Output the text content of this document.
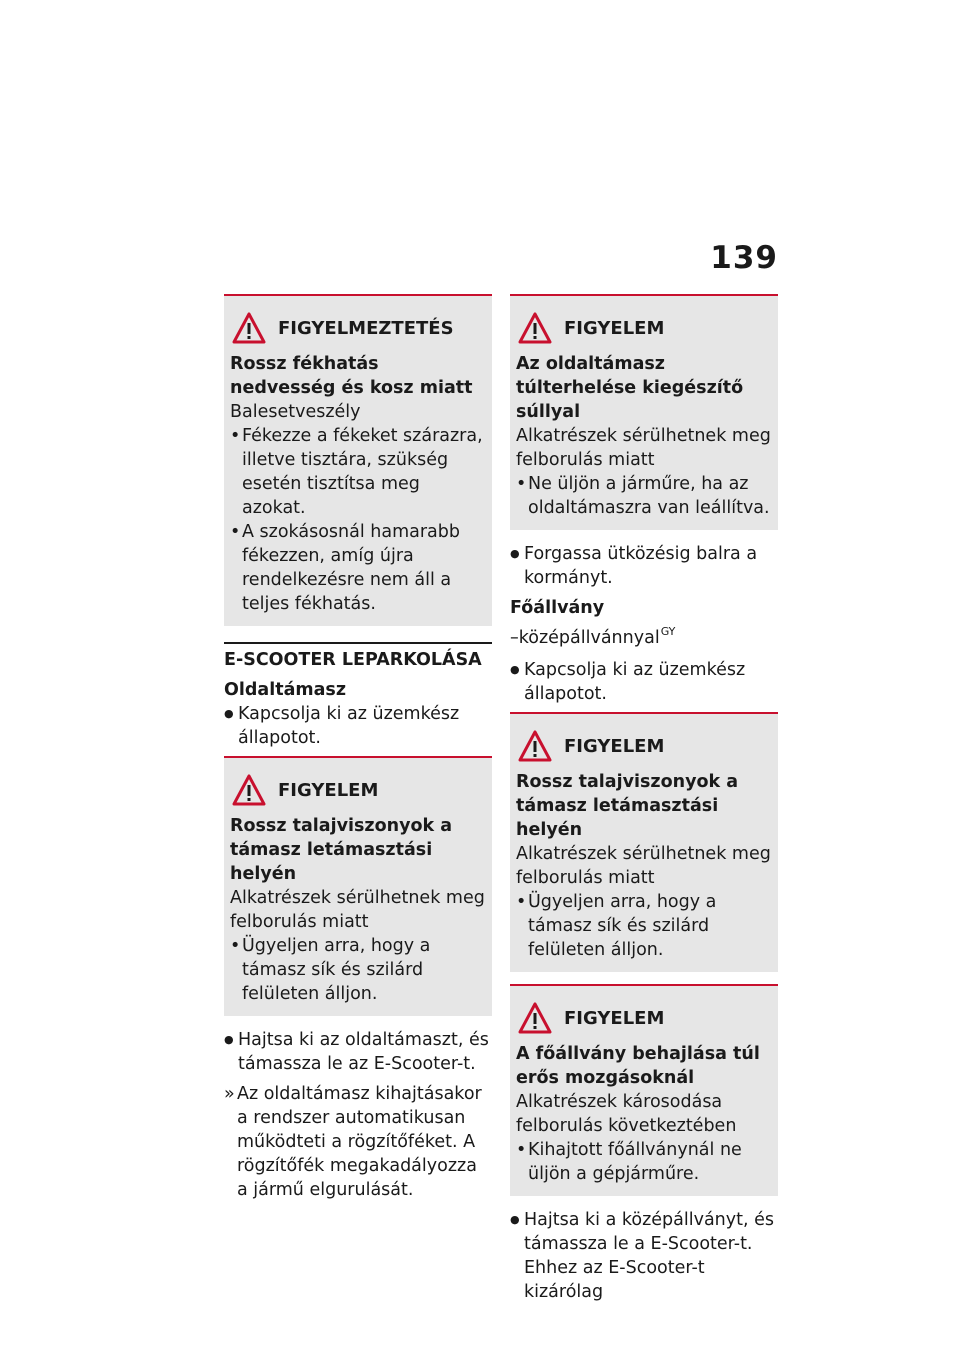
139
FIGYELMEZTETÉS
Rossz fékhatás nedvesség és kosz miatt
Balesetveszély
• Fékezze a fékeket szárazra, illetve tisztára, szükség esetén tisztítsa meg azokat.
• A szokásosnál hamarabb fékezzen, amíg újra rendelkezésre nem áll a teljes fékhatás.
E-SCOOTER LEPARKOLÁSA
Oldaltámasz
● Kapcsolja ki az üzemkész állapotot.
FIGYELEM
Rossz talajviszonyok a támasz letámasztási helyén
Alkatrészek sérülhetnek meg felborulás miatt
• Ügyeljen arra, hogy a támasz sík és szilárd felületen álljon.
● Hajtsa ki az oldaltámaszt, és támassza le az E-Scooter-t.
» Az oldaltámasz kihajtásakor a rendszer automatikusan működteti a rögzítőféket. A rögzítőfék megakadályozza a jármű elgurulását.
FIGYELEM
Az oldaltámasz túlterhelése kiegészítő súllyal
Alkatrészek sérülhetnek meg felborulás miatt
• Ne üljön a járműre, ha az oldaltámaszra van leállítva.
● Forgassa ütközésig balra a kormányt.
Főállvány
–középállvánnyal$^{GY}$
● Kapcsolja ki az üzemkész állapotot.
FIGYELEM
Rossz talajviszonyok a támasz letámasztási helyén
Alkatrészek sérülhetnek meg felborulás miatt
• Ügyeljen arra, hogy a támasz sík és szilárd felületen álljon.
FIGYELEM
A főállvány behajlása túl erős mozgásoknál
Alkatrészek károsodása felborulás következtében
• Kihajtott főállványnál ne üljön a gépjárműre.
● Hajtsa ki a középállványt, és támassza le a E-Scooter-t. Ehhez az E-Scooter-t kizárólag
